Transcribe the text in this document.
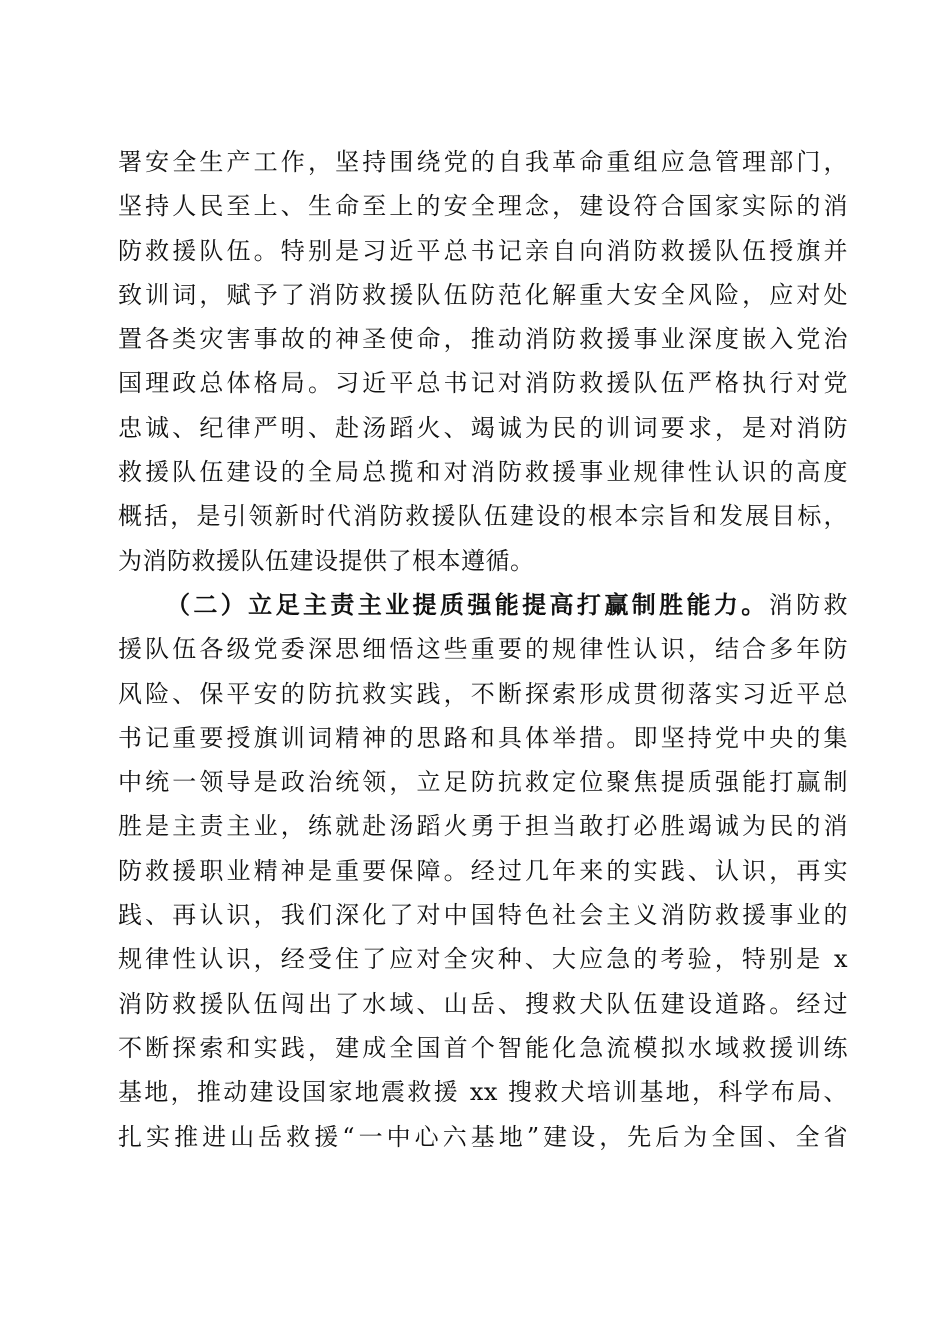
署安全生产工作，坚持围绕党的自我革命重组应急管理部门，
坚持人民至上、生命至上的安全理念，建设符合国家实际的消
防救援队伍。特别是习近平总书记亲自向消防救援队伍授旗并
致训词，赋予了消防救援队伍防范化解重大安全风险，应对处
置各类灾害事故的神圣使命，推动消防救援事业深度嵌入党治
国理政总体格局。习近平总书记对消防救援队伍严格执行对党
忠诚、纪律严明、赴汤蹈火、竭诚为民的训词要求，是对消防
救援队伍建设的全局总揽和对消防救援事业规律性认识的高度
概括，是引领新时代消防救援队伍建设的根本宗旨和发展目标，
为消防救援队伍建设提供了根本遵循。
（二）立足主责主业提质强能提高打赢制胜能力。消防救
援队伍各级党委深思细悟这些重要的规律性认识，结合多年防
风险、保平安的防抗救实践，不断探索形成贯彻落实习近平总
书记重要授旗训词精神的思路和具体举措。即坚持党中央的集
中统一领导是政治统领，立足防抗救定位聚焦提质强能打赢制
胜是主责主业，练就赴汤蹈火勇于担当敢打必胜竭诚为民的消
防救援职业精神是重要保障。经过几年来的实践、认识，再实
践、再认识，我们深化了对中国特色社会主义消防救援事业的
规律性认识，经受住了应对全灾种、大应急的考验，特别是 x
消防救援队伍闯出了水域、山岳、搜救犬队伍建设道路。经过
不断探索和实践，建成全国首个智能化急流模拟水域救援训练
基地，推动建设国家地震救援 xx 搜救犬培训基地，科学布局、
扎实推进山岳救援“一中心六基地”建设，先后为全国、全省
